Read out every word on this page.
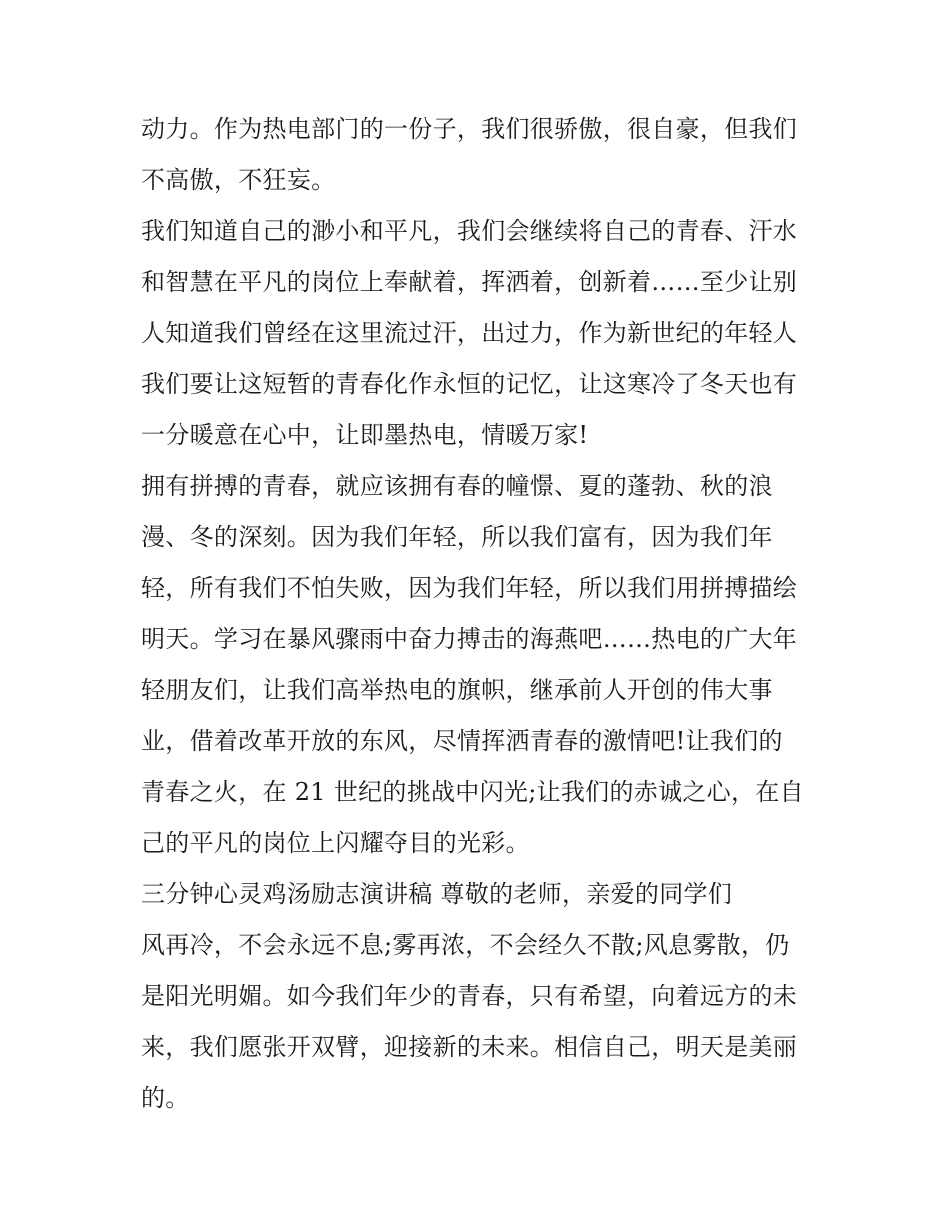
动力。作为热电部门的一份子，我们很骄傲，很自豪，但我们
不高傲，不狂妄。
我们知道自己的渺小和平凡，我们会继续将自己的青春、汗水
和智慧在平凡的岗位上奉献着，挥洒着，创新着……至少让别
人知道我们曾经在这里流过汗，出过力，作为新世纪的年轻人
我们要让这短暂的青春化作永恒的记忆，让这寒冷了冬天也有
一分暖意在心中，让即墨热电，情暖万家!
拥有拼搏的青春，就应该拥有春的幢憬、夏的蓬勃、秋的浪
漫、冬的深刻。因为我们年轻，所以我们富有，因为我们年
轻，所有我们不怕失败，因为我们年轻，所以我们用拼搏描绘
明天。学习在暴风骤雨中奋力搏击的海燕吧……热电的广大年
轻朋友们，让我们高举热电的旗帜，继承前人开创的伟大事
业，借着改革开放的东风，尽情挥洒青春的激情吧!让我们的
青春之火，在 21 世纪的挑战中闪光;让我们的赤诚之心，在自
己的平凡的岗位上闪耀夺目的光彩。
三分钟心灵鸡汤励志演讲稿 尊敬的老师，亲爱的同学们
风再冷，不会永远不息;雾再浓，不会经久不散;风息雾散，仍
是阳光明媚。如今我们年少的青春，只有希望，向着远方的未
来，我们愿张开双臂，迎接新的未来。相信自己，明天是美丽
的。
